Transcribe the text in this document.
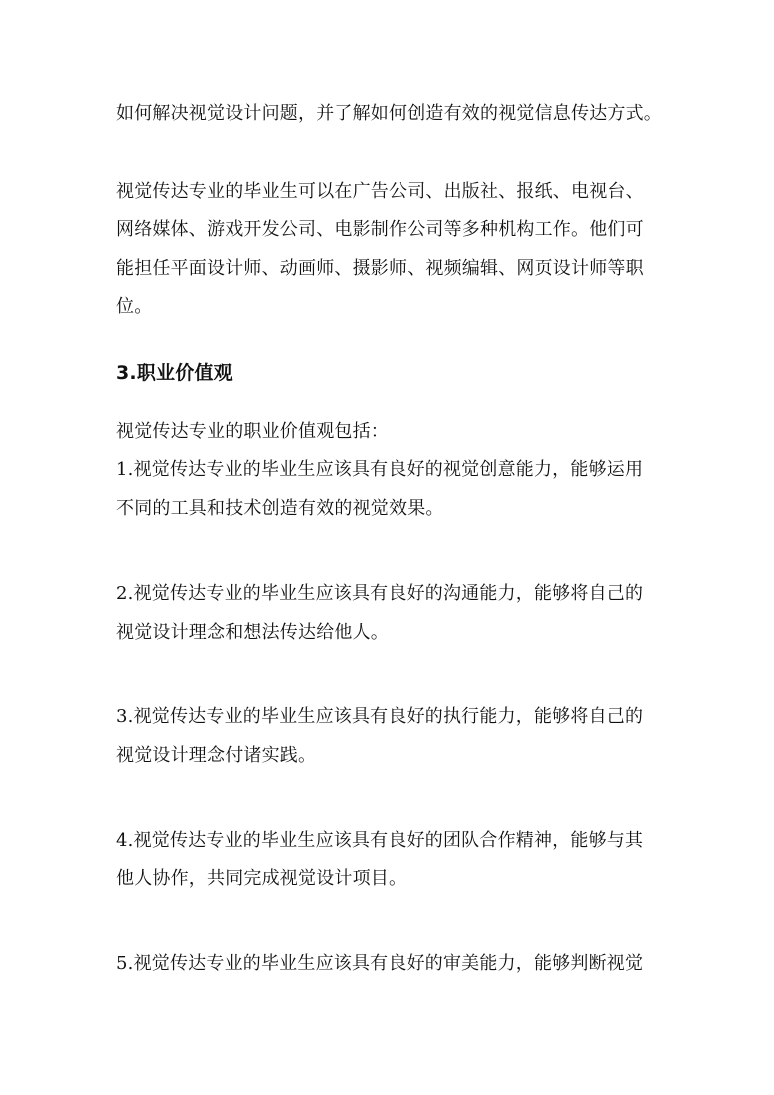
如何解决视觉设计问题，并了解如何创造有效的视觉信息传达方式。
视觉传达专业的毕业生可以在广告公司、出版社、报纸、电视台、
网络媒体、游戏开发公司、电影制作公司等多种机构工作。他们可
能担任平面设计师、动画师、摄影师、视频编辑、网页设计师等职
位。
3.职业价值观
视觉传达专业的职业价值观包括：
1.视觉传达专业的毕业生应该具有良好的视觉创意能力，能够运用
不同的工具和技术创造有效的视觉效果。
2.视觉传达专业的毕业生应该具有良好的沟通能力，能够将自己的
视觉设计理念和想法传达给他人。
3.视觉传达专业的毕业生应该具有良好的执行能力，能够将自己的
视觉设计理念付诸实践。
4.视觉传达专业的毕业生应该具有良好的团队合作精神，能够与其
他人协作，共同完成视觉设计项目。
5.视觉传达专业的毕业生应该具有良好的审美能力，能够判断视觉
